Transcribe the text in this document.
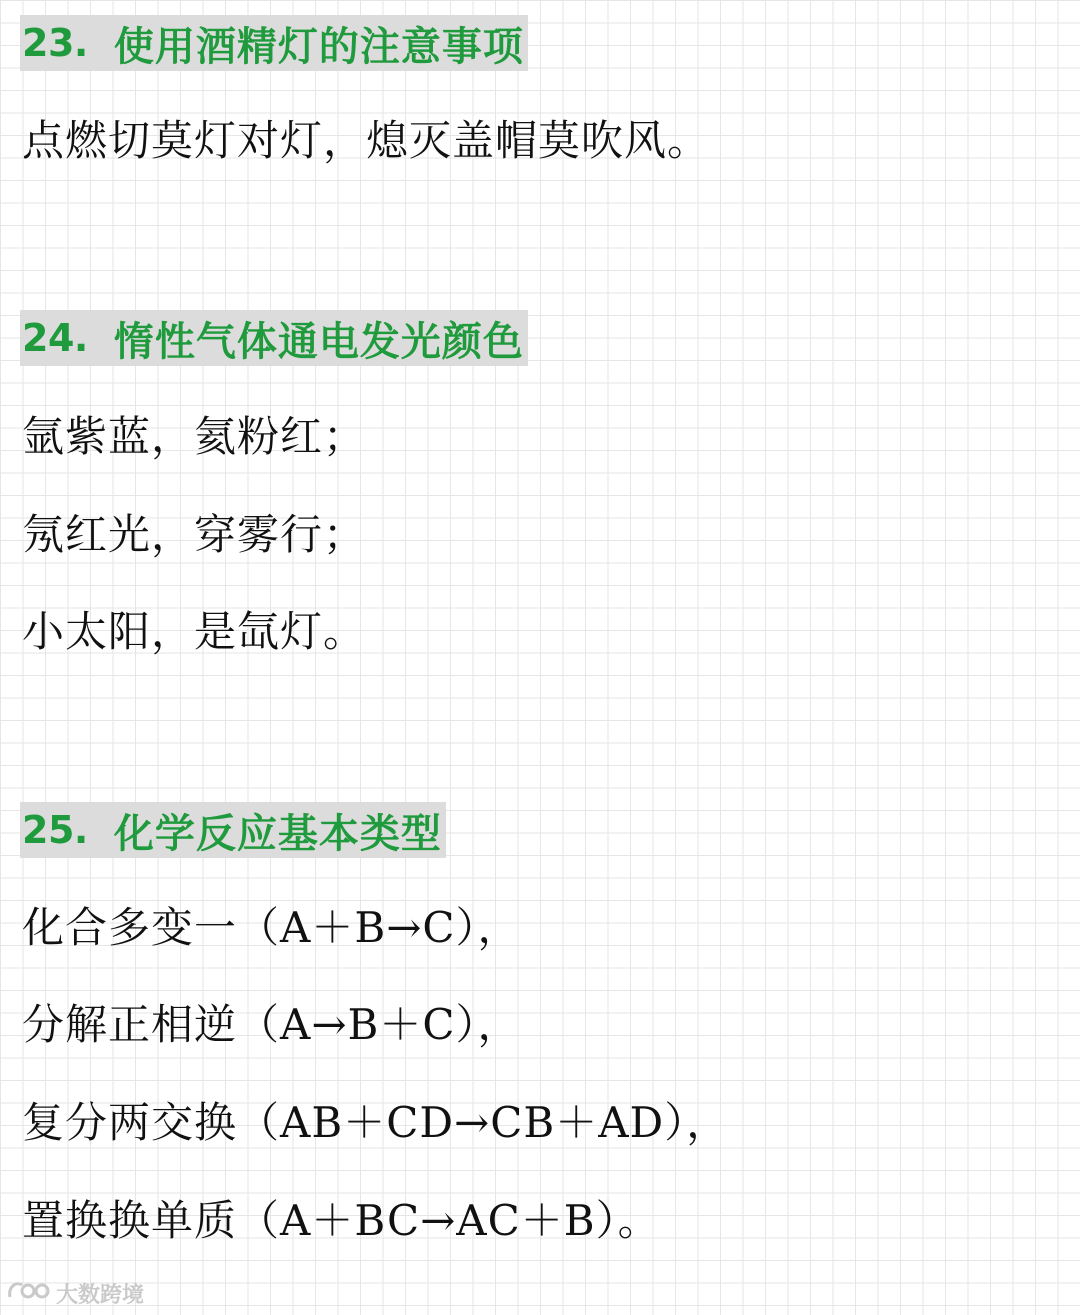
23. 使用酒精灯的注意事项
点燃切莫灯对灯，熄灭盖帽莫吹风。
24. 惰性气体通电发光颜色
氩紫蓝，氦粉红；
氖红光，穿雾行；
小太阳，是氙灯。
25. 化学反应基本类型
化合多变一（A＋B→C），
分解正相逆（A→B＋C），
复分两交换（AB＋CD→CB＋AD），
置换换单质（A＋BC→AC＋B）。
大数跨境
